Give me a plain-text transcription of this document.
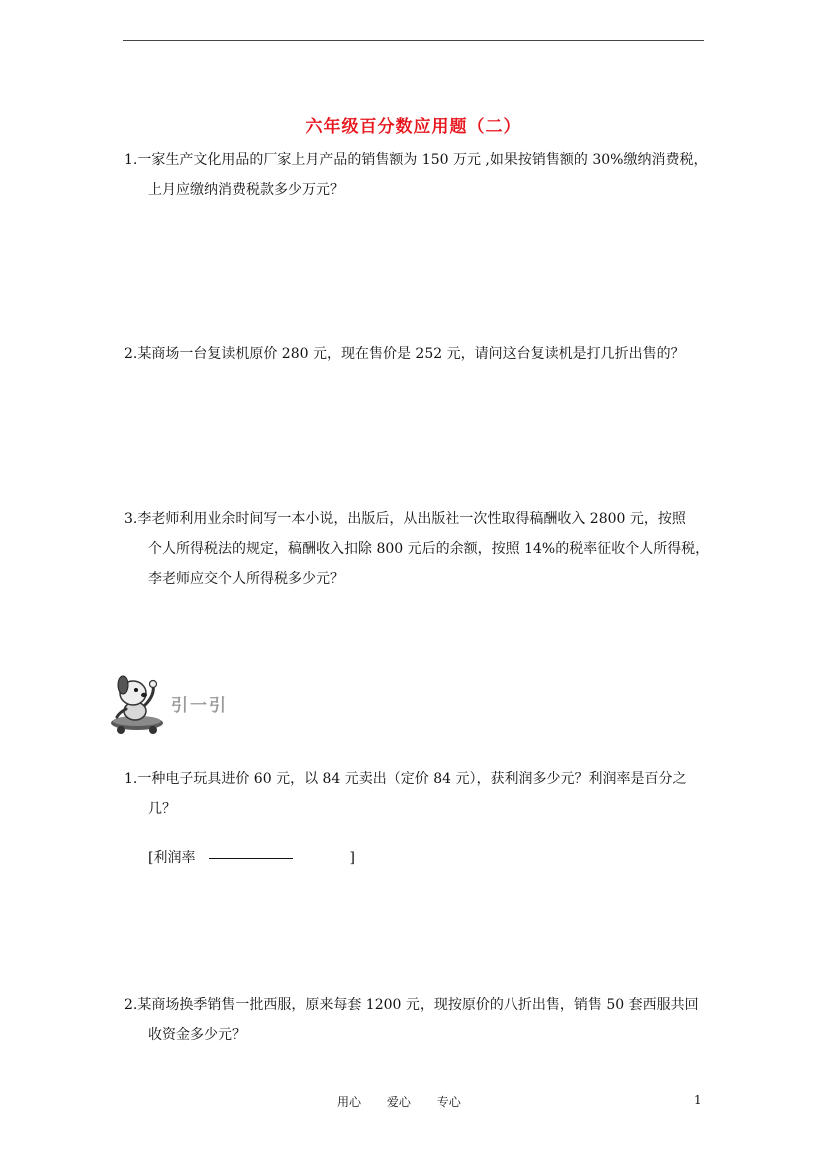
六年级百分数应用题（二）
1.一家生产文化用品的厂家上月产品的销售额为 150 万元 ,如果按销售额的 30%缴纳消费税，
上月应缴纳消费税款多少万元？
2.某商场一台复读机原价 280 元，现在售价是 252 元，请问这台复读机是打几折出售的？
3.李老师利用业余时间写一本小说，出版后，从出版社一次性取得稿酬收入 2800 元，按照
个人所得税法的规定，稿酬收入扣除 800 元后的余额，按照 14%的税率征收个人所得税，
李老师应交个人所得税多少元？
引一引
1.一种电子玩具进价 60 元，以 84 元卖出（定价 84 元），获利润多少元？利润率是百分之
几？
[利润率	]
2.某商场换季销售一批西服，原来每套 1200 元，现按原价的八折出售，销售 50 套西服共回
收资金多少元？
用心 爱心 专心	1
